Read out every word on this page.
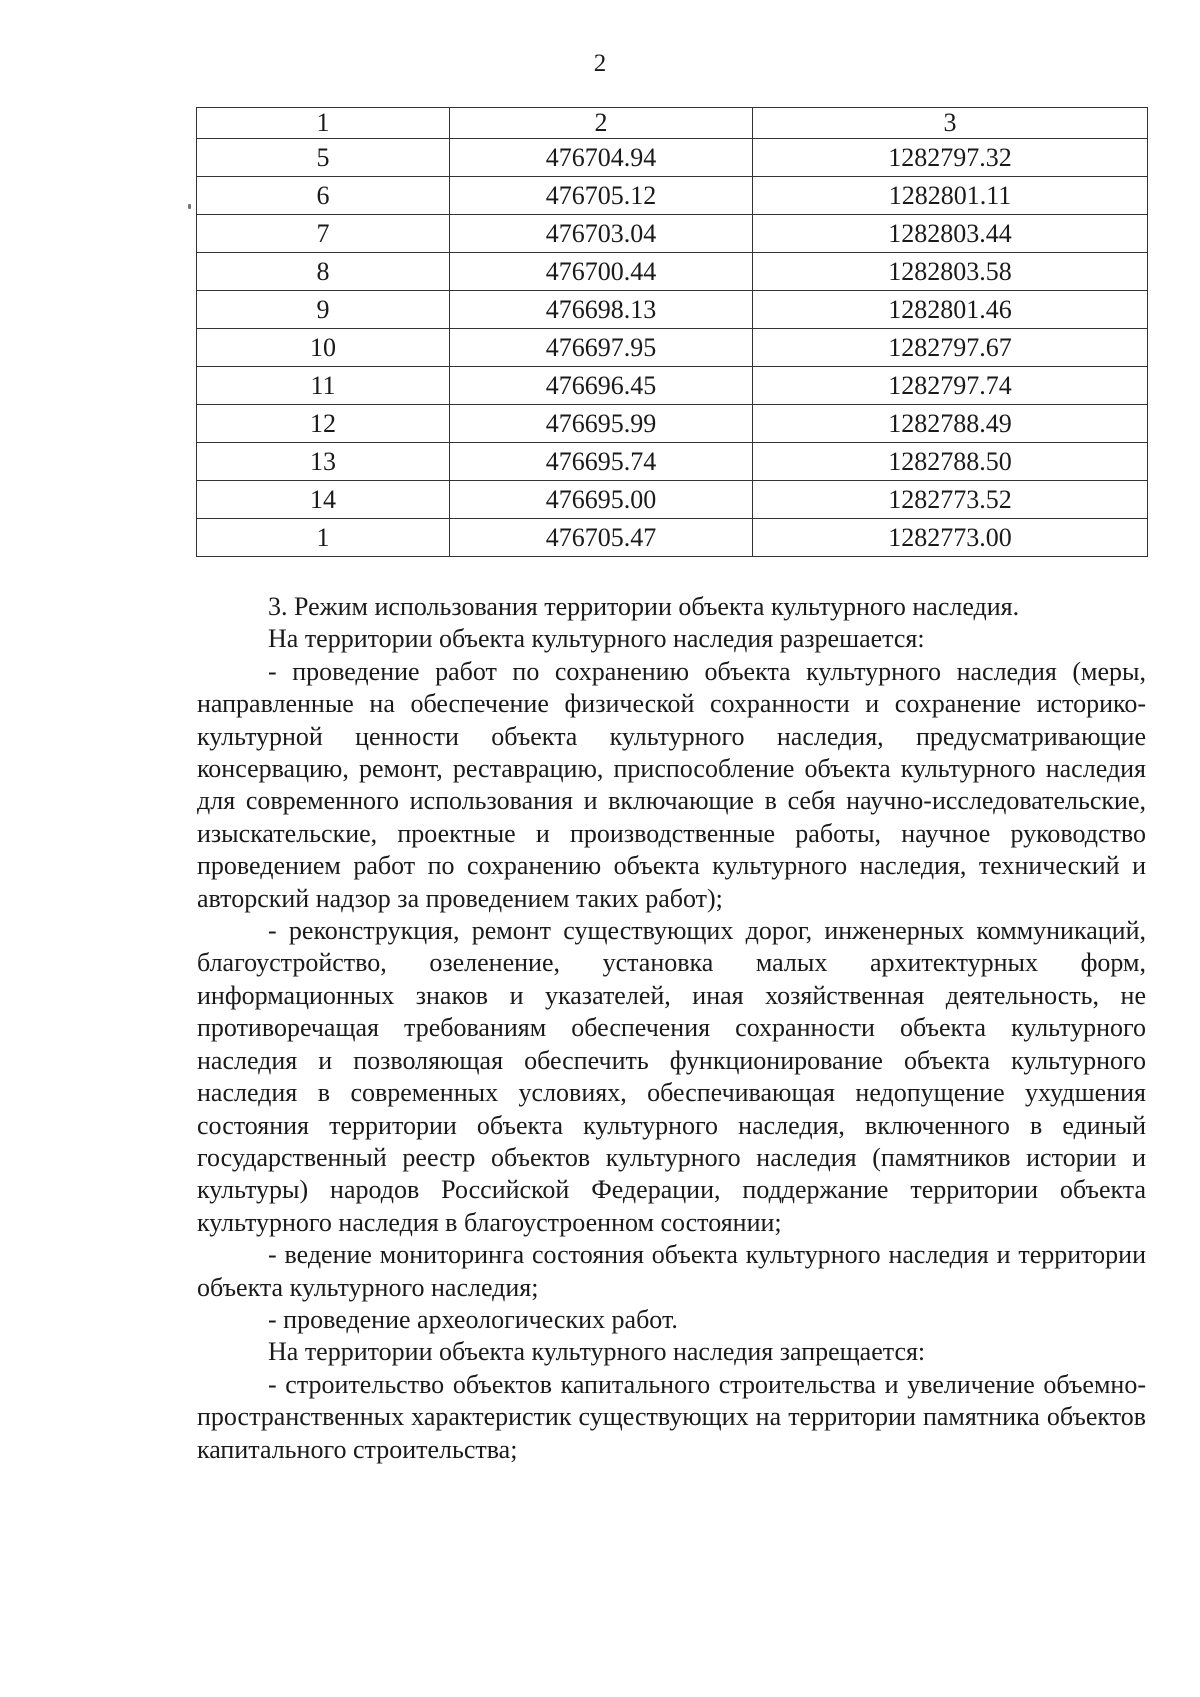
2
1	2	3
5	476704.94	1282797.32
6	476705.12	1282801.11
7	476703.04	1282803.44
8	476700.44	1282803.58
9	476698.13	1282801.46
10	476697.95	1282797.67
11	476696.45	1282797.74
12	476695.99	1282788.49
13	476695.74	1282788.50
14	476695.00	1282773.52
1	476705.47	1282773.00

3. Режим использования территории объекта культурного наследия.

На территории объекта культурного наследия разрешается:

- проведение работ по сохранению объекта культурного наследия (меры, направленные на обеспечение физической сохранности и сохранение историко-культурной ценности объекта культурного наследия, предусматривающие консервацию, ремонт, реставрацию, приспособление объекта культурного наследия для современного использования и включающие в себя научно-исследовательские, изыскательские, проектные и производственные работы, научное руководство проведением работ по сохранению объекта культурного наследия, технический и авторский надзор за проведением таких работ);

- реконструкция, ремонт существующих дорог, инженерных коммуникаций, благоустройство, озеленение, установка малых архитектурных форм, информационных знаков и указателей, иная хозяйственная деятельность, не противоречащая требованиям обеспечения сохранности объекта культурного наследия и позволяющая обеспечить функционирование объекта культурного наследия в современных условиях, обеспечивающая недопущение ухудшения состояния территории объекта культурного наследия, включенного в единый государственный реестр объектов культурного наследия (памятников истории и культуры) народов Российской Федерации, поддержание территории объекта культурного наследия в благоустроенном состоянии;

- ведение мониторинга состояния объекта культурного наследия и территории объекта культурного наследия;

- проведение археологических работ.

На территории объекта культурного наследия запрещается:

- строительство объектов капитального строительства и увеличение объемно-пространственных характеристик существующих на территории памятника объектов капитального строительства;
